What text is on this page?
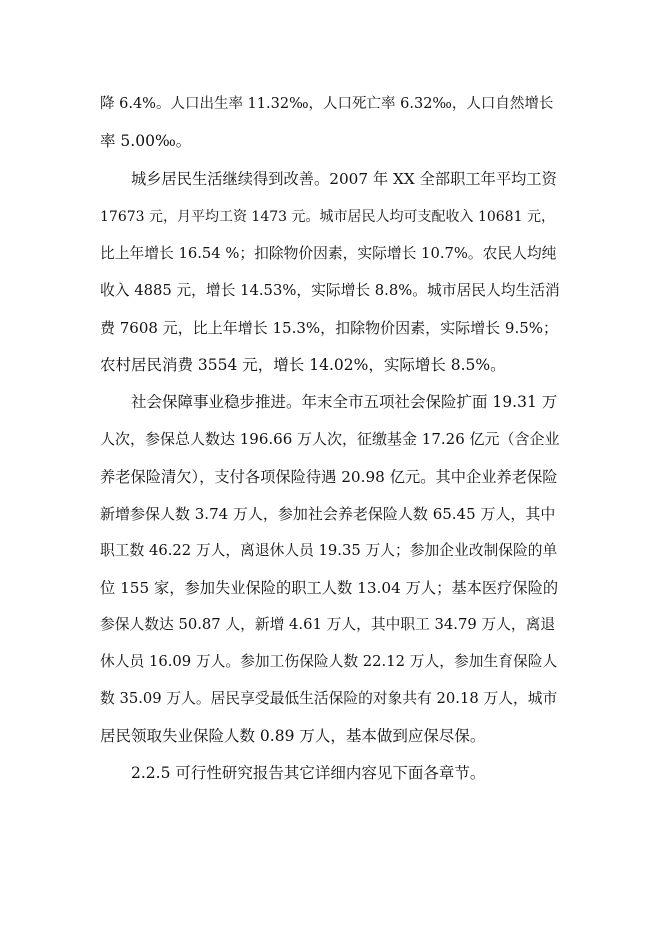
降 6.4%。人口出生率 11.32‰，人口死亡率 6.32‰，人口自然增长

率 5.00‰。

城乡居民生活继续得到改善。2007 年 XX 全部职工年平均工资

17673 元，月平均工资 1473 元。城市居民人均可支配收入 10681 元，

比上年增长 16.54 %；扣除物价因素，实际增长 10.7%。农民人均纯

收入 4885 元，增长 14.53%，实际增长 8.8%。城市居民人均生活消

费 7608 元，比上年增长 15.3%，扣除物价因素，实际增长 9.5%；

农村居民消费 3554 元，增长 14.02%，实际增长 8.5%。

社会保障事业稳步推进。年末全市五项社会保险扩面 19.31 万

人次，参保总人数达 196.66 万人次，征缴基金 17.26 亿元（含企业

养老保险清欠），支付各项保险待遇 20.98 亿元。其中企业养老保险

新增参保人数 3.74 万人，参加社会养老保险人数 65.45 万人，其中

职工数 46.22 万人，离退休人员 19.35 万人；参加企业改制保险的单

位 155 家，参加失业保险的职工人数 13.04 万人；基本医疗保险的

参保人数达 50.87 人，新增 4.61 万人，其中职工 34.79 万人，离退

休人员 16.09 万人。参加工伤保险人数 22.12 万人，参加生育保险人

数 35.09 万人。居民享受最低生活保险的对象共有 20.18 万人，城市

居民领取失业保险人数 0.89 万人，基本做到应保尽保。

2.2.5 可行性研究报告其它详细内容见下面各章节。
